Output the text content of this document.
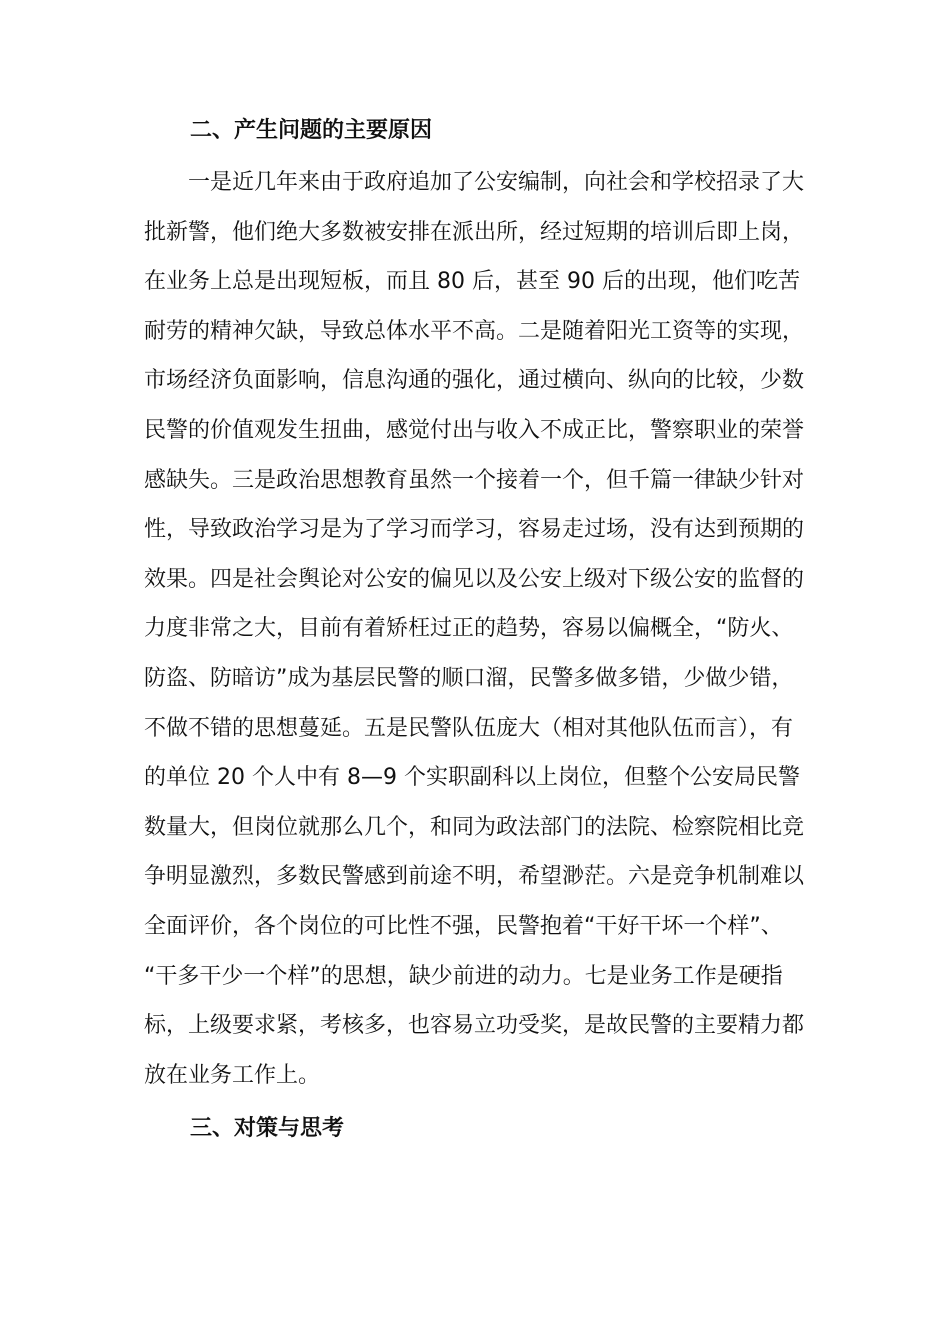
二、产生问题的主要原因
　　一是近几年来由于政府追加了公安编制，向社会和学校招录了大
批新警，他们绝大多数被安排在派出所，经过短期的培训后即上岗，
在业务上总是出现短板，而且 80 后，甚至 90 后的出现，他们吃苦
耐劳的精神欠缺，导致总体水平不高。二是随着阳光工资等的实现，
市场经济负面影响，信息沟通的强化，通过横向、纵向的比较，少数
民警的价值观发生扭曲，感觉付出与收入不成正比，警察职业的荣誉
感缺失。三是政治思想教育虽然一个接着一个，但千篇一律缺少针对
性，导致政治学习是为了学习而学习，容易走过场，没有达到预期的
效果。四是社会舆论对公安的偏见以及公安上级对下级公安的监督的
力度非常之大，目前有着矫枉过正的趋势，容易以偏概全，“防火、
防盗、防暗访”成为基层民警的顺口溜，民警多做多错，少做少错，
不做不错的思想蔓延。五是民警队伍庞大（相对其他队伍而言），有
的单位 20 个人中有 8—9 个实职副科以上岗位，但整个公安局民警
数量大，但岗位就那么几个，和同为政法部门的法院、检察院相比竞
争明显激烈，多数民警感到前途不明，希望渺茫。六是竞争机制难以
全面评价，各个岗位的可比性不强，民警抱着“干好干坏一个样”、
“干多干少一个样”的思想，缺少前进的动力。七是业务工作是硬指
标，上级要求紧，考核多，也容易立功受奖，是故民警的主要精力都
放在业务工作上。
三、对策与思考
